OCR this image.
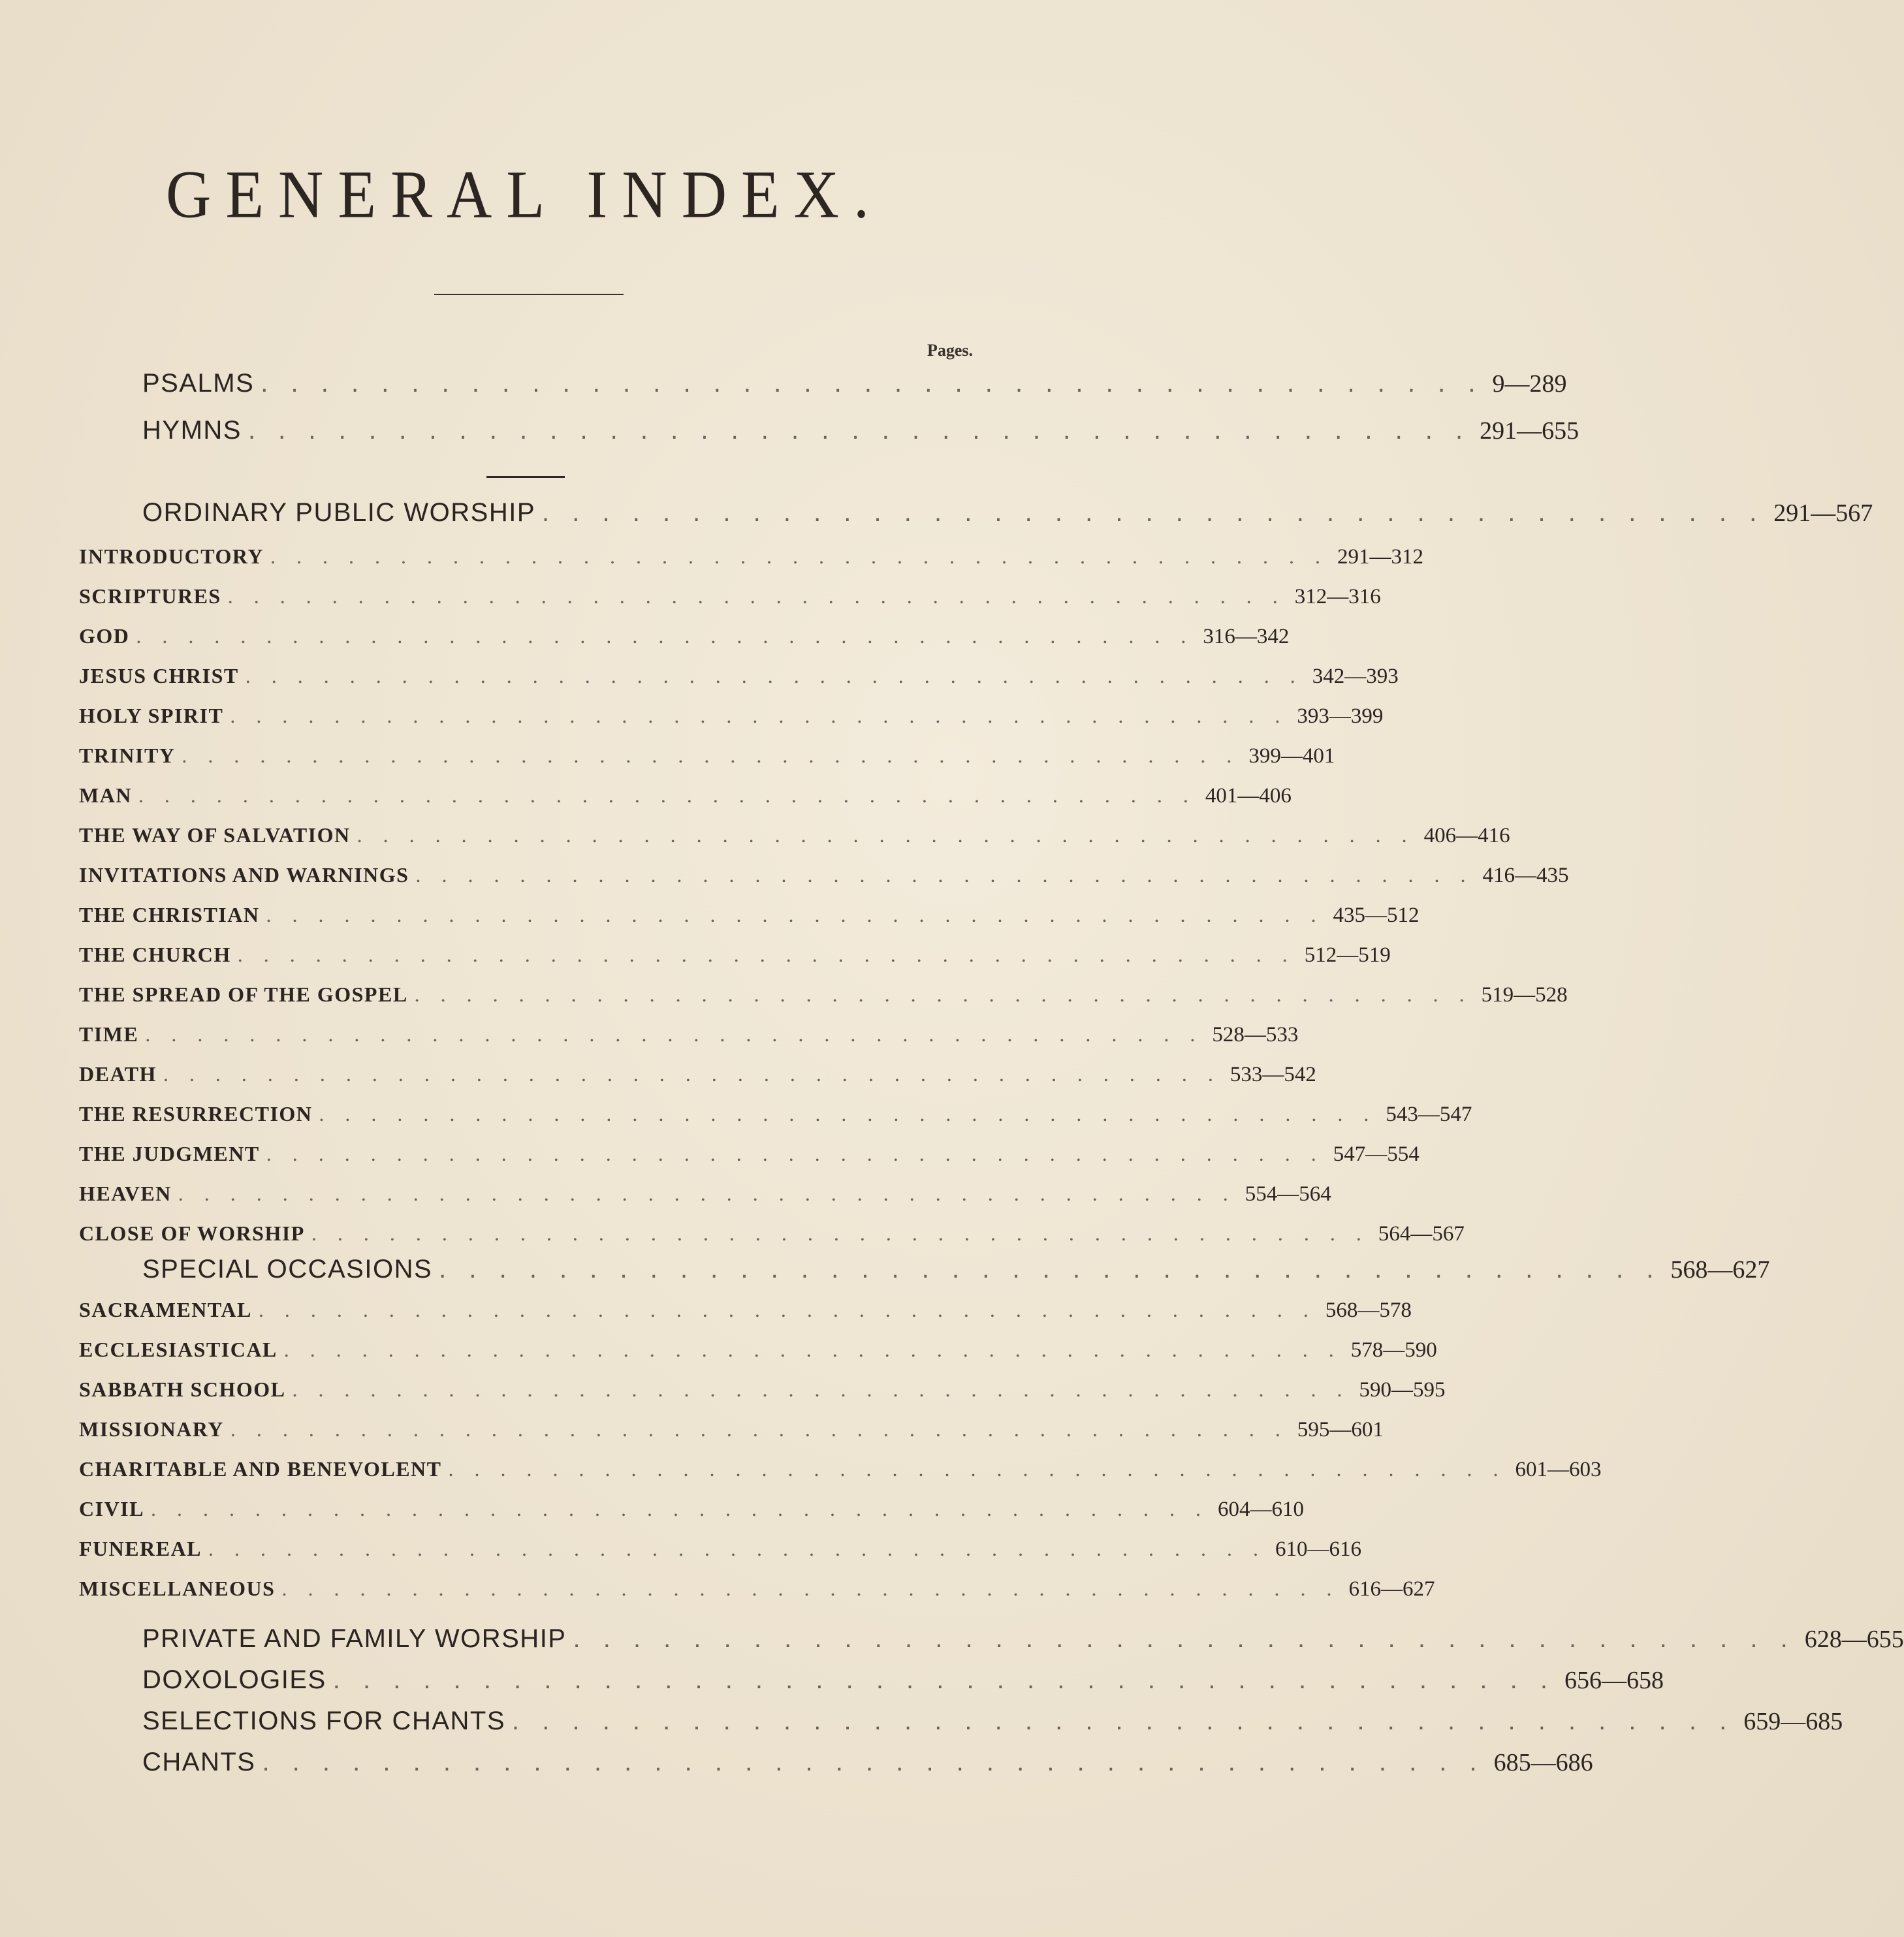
GENERAL INDEX.
Pages.
PSALMS . . . . . . . . . . . . . . . . . . . . . . . . . . . . . . . . . . . . . . . . . 9—289
HYMNS . . . . . . . . . . . . . . . . . . . . . . . . . . . . . . . . . . . . . . . . . 291—655
ORDINARY PUBLIC WORSHIP . . . . . . . . . . . . . . . . . . . . . . . . . . . . . . . . . . . . . . . . . 291—567
INTRODUCTORY . . . . . . . . . . . . . . . . . . . . . . . . . . . . . . . . . . . . . . . . . 291—312
SCRIPTURES . . . . . . . . . . . . . . . . . . . . . . . . . . . . . . . . . . . . . . . . . 312—316
GOD . . . . . . . . . . . . . . . . . . . . . . . . . . . . . . . . . . . . . . . . . 316—342
JESUS CHRIST . . . . . . . . . . . . . . . . . . . . . . . . . . . . . . . . . . . . . . . . . 342—393
HOLY SPIRIT . . . . . . . . . . . . . . . . . . . . . . . . . . . . . . . . . . . . . . . . . 393—399
TRINITY . . . . . . . . . . . . . . . . . . . . . . . . . . . . . . . . . . . . . . . . . 399—401
MAN . . . . . . . . . . . . . . . . . . . . . . . . . . . . . . . . . . . . . . . . . 401—406
THE WAY OF SALVATION . . . . . . . . . . . . . . . . . . . . . . . . . . . . . . . . . . . . . . . . . 406—416
INVITATIONS AND WARNINGS . . . . . . . . . . . . . . . . . . . . . . . . . . . . . . . . . . . . . . . . . 416—435
THE CHRISTIAN . . . . . . . . . . . . . . . . . . . . . . . . . . . . . . . . . . . . . . . . . 435—512
THE CHURCH . . . . . . . . . . . . . . . . . . . . . . . . . . . . . . . . . . . . . . . . . 512—519
THE SPREAD OF THE GOSPEL . . . . . . . . . . . . . . . . . . . . . . . . . . . . . . . . . . . . . . . . . 519—528
TIME . . . . . . . . . . . . . . . . . . . . . . . . . . . . . . . . . . . . . . . . . 528—533
DEATH . . . . . . . . . . . . . . . . . . . . . . . . . . . . . . . . . . . . . . . . . 533—542
THE RESURRECTION . . . . . . . . . . . . . . . . . . . . . . . . . . . . . . . . . . . . . . . . . 543—547
THE JUDGMENT . . . . . . . . . . . . . . . . . . . . . . . . . . . . . . . . . . . . . . . . . 547—554
HEAVEN . . . . . . . . . . . . . . . . . . . . . . . . . . . . . . . . . . . . . . . . . 554—564
CLOSE OF WORSHIP . . . . . . . . . . . . . . . . . . . . . . . . . . . . . . . . . . . . . . . . . 564—567
SPECIAL OCCASIONS . . . . . . . . . . . . . . . . . . . . . . . . . . . . . . . . . . . . . . . . . 568—627
SACRAMENTAL . . . . . . . . . . . . . . . . . . . . . . . . . . . . . . . . . . . . . . . . . 568—578
ECCLESIASTICAL . . . . . . . . . . . . . . . . . . . . . . . . . . . . . . . . . . . . . . . . . 578—590
SABBATH SCHOOL . . . . . . . . . . . . . . . . . . . . . . . . . . . . . . . . . . . . . . . . . 590—595
MISSIONARY . . . . . . . . . . . . . . . . . . . . . . . . . . . . . . . . . . . . . . . . . 595—601
CHARITABLE AND BENEVOLENT . . . . . . . . . . . . . . . . . . . . . . . . . . . . . . . . . . . . . . . . . 601—603
CIVIL . . . . . . . . . . . . . . . . . . . . . . . . . . . . . . . . . . . . . . . . . 604—610
FUNEREAL . . . . . . . . . . . . . . . . . . . . . . . . . . . . . . . . . . . . . . . . . 610—616
MISCELLANEOUS . . . . . . . . . . . . . . . . . . . . . . . . . . . . . . . . . . . . . . . . . 616—627
PRIVATE AND FAMILY WORSHIP . . . . . . . . . . . . . . . . . . . . . . . . . . . . . . . . . . . . . . . . . 628—655
DOXOLOGIES . . . . . . . . . . . . . . . . . . . . . . . . . . . . . . . . . . . . . . . . . 656—658
SELECTIONS FOR CHANTS . . . . . . . . . . . . . . . . . . . . . . . . . . . . . . . . . . . . . . . . . 659—685
CHANTS . . . . . . . . . . . . . . . . . . . . . . . . . . . . . . . . . . . . . . . . . 685—686
